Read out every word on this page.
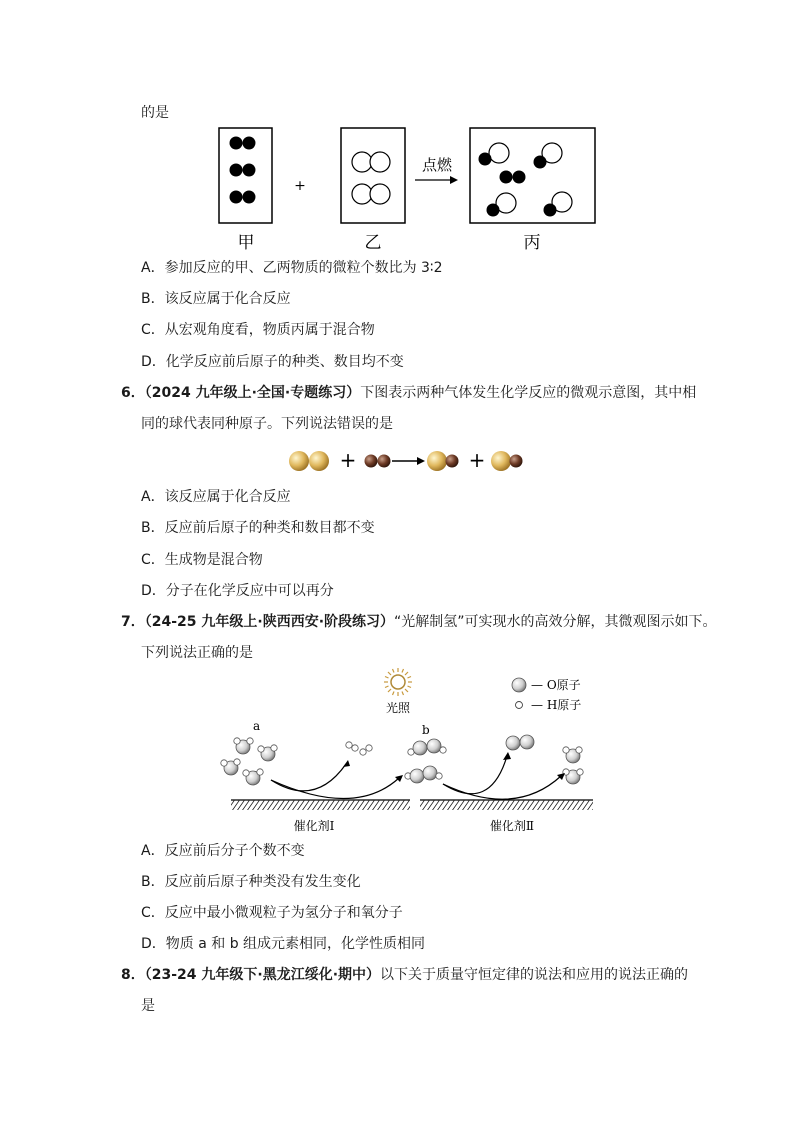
的是
+
点燃
甲	乙	丙
A．参加反应的甲、乙两物质的微粒个数比为 3∶2
B．该反应属于化合反应
C．从宏观角度看，物质丙属于混合物
D．化学反应前后原子的种类、数目均不变
6．（2024 九年级上·全国·专题练习）下图表示两种气体发生化学反应的微观示意图，其中相
同的球代表同种原子。下列说法错误的是
+	+
A．该反应属于化合反应
B．反应前后原子的种类和数目都不变
C．生成物是混合物
D．分子在化学反应中可以再分
7．（24-25 九年级上·陕西西安·阶段练习）“光解制氢”可实现水的高效分解，其微观图示如下。
下列说法正确的是
光照
— O原子
— H原子
a	b
催化剂Ⅰ	催化剂Ⅱ
A．反应前后分子个数不变
B．反应前后原子种类没有发生变化
C．反应中最小微观粒子为氢分子和氧分子
D．物质 a 和 b 组成元素相同，化学性质相同
8．（23-24 九年级下·黑龙江绥化·期中）以下关于质量守恒定律的说法和应用的说法正确的
是
